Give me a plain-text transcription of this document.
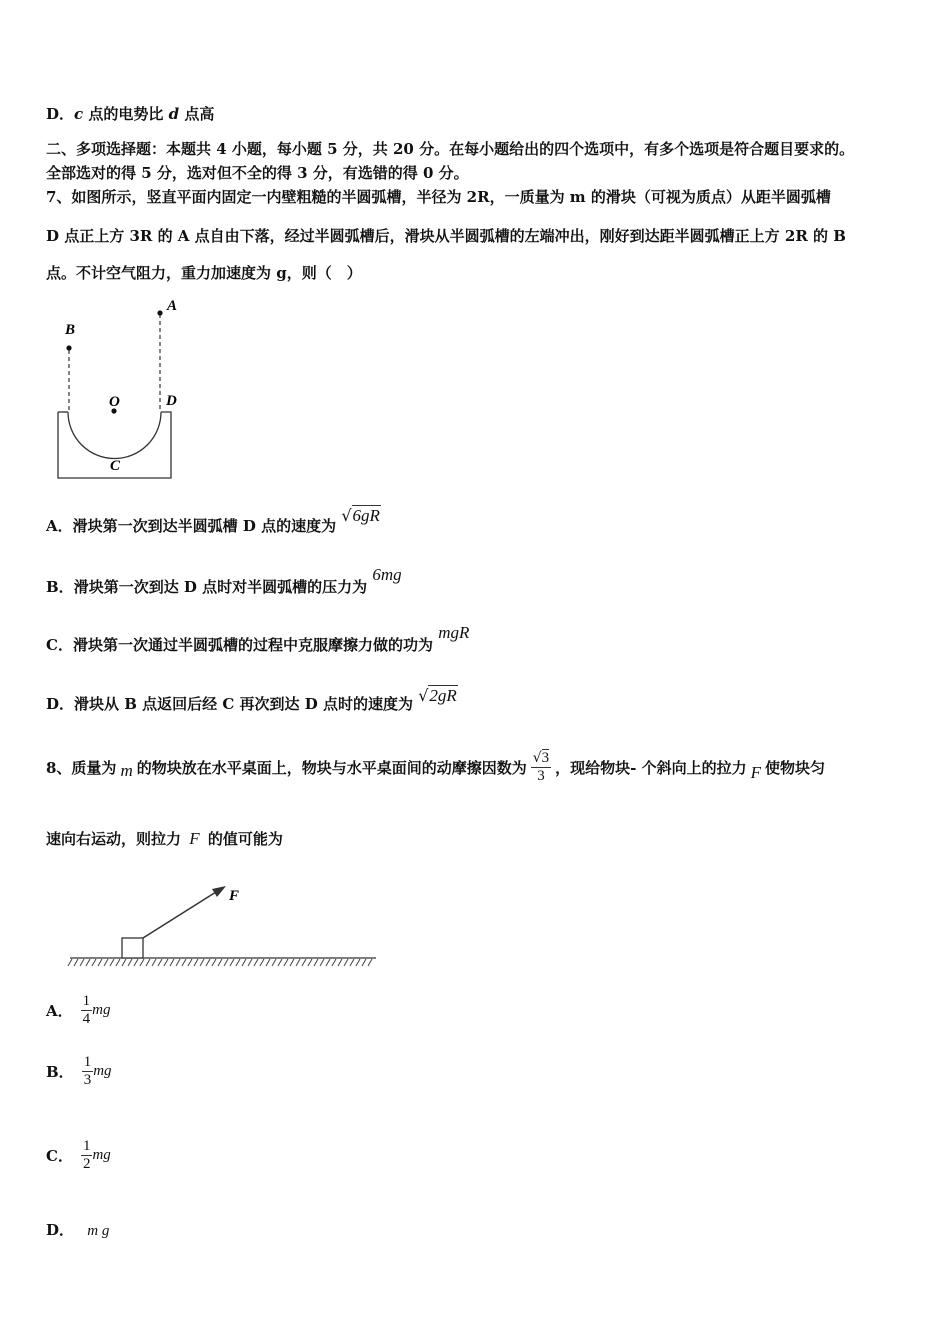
D．c 点的电势比 d 点高
二、多项选择题：本题共 4 小题，每小题 5 分，共 20 分。在每小题给出的四个选项中，有多个选项是符合题目要求的。
全部选对的得 5 分，选对但不全的得 3 分，有选错的得 0 分。
7、如图所示，竖直平面内固定一内壁粗糙的半圆弧槽，半径为 2R，一质量为 m 的滑块（可视为质点）从距半圆弧槽
D 点正上方 3R 的 A 点自由下落，经过半圆弧槽后，滑块从半圆弧槽的左端冲出，刚好到达距半圆弧槽正上方 2R 的 B
点。不计空气阻力，重力加速度为 g，则（　）
B
A
O	D
C
A．滑块第一次到达半圆弧槽 D 点的速度为 √6gR
B．滑块第一次到达 D 点时对半圆弧槽的压力为 6mg
C．滑块第一次通过半圆弧槽的过程中克服摩擦力做的功为 mgR
D．滑块从 B 点返回后经 C 再次到达 D 点时的速度为 √2gR
8、质量为 m 的物块放在水平桌面上，物块与水平桌面间的动摩擦因数为 $\frac{√3}{3}$ ，现给物块- 个斜向上的拉力 F 使物块匀
速向右运动，则拉力 F 的值可能为
F
A． $\frac{1}{4}$ mg
B． $\frac{1}{3}$ mg
C． $\frac{1}{2}$ mg
D． m g
